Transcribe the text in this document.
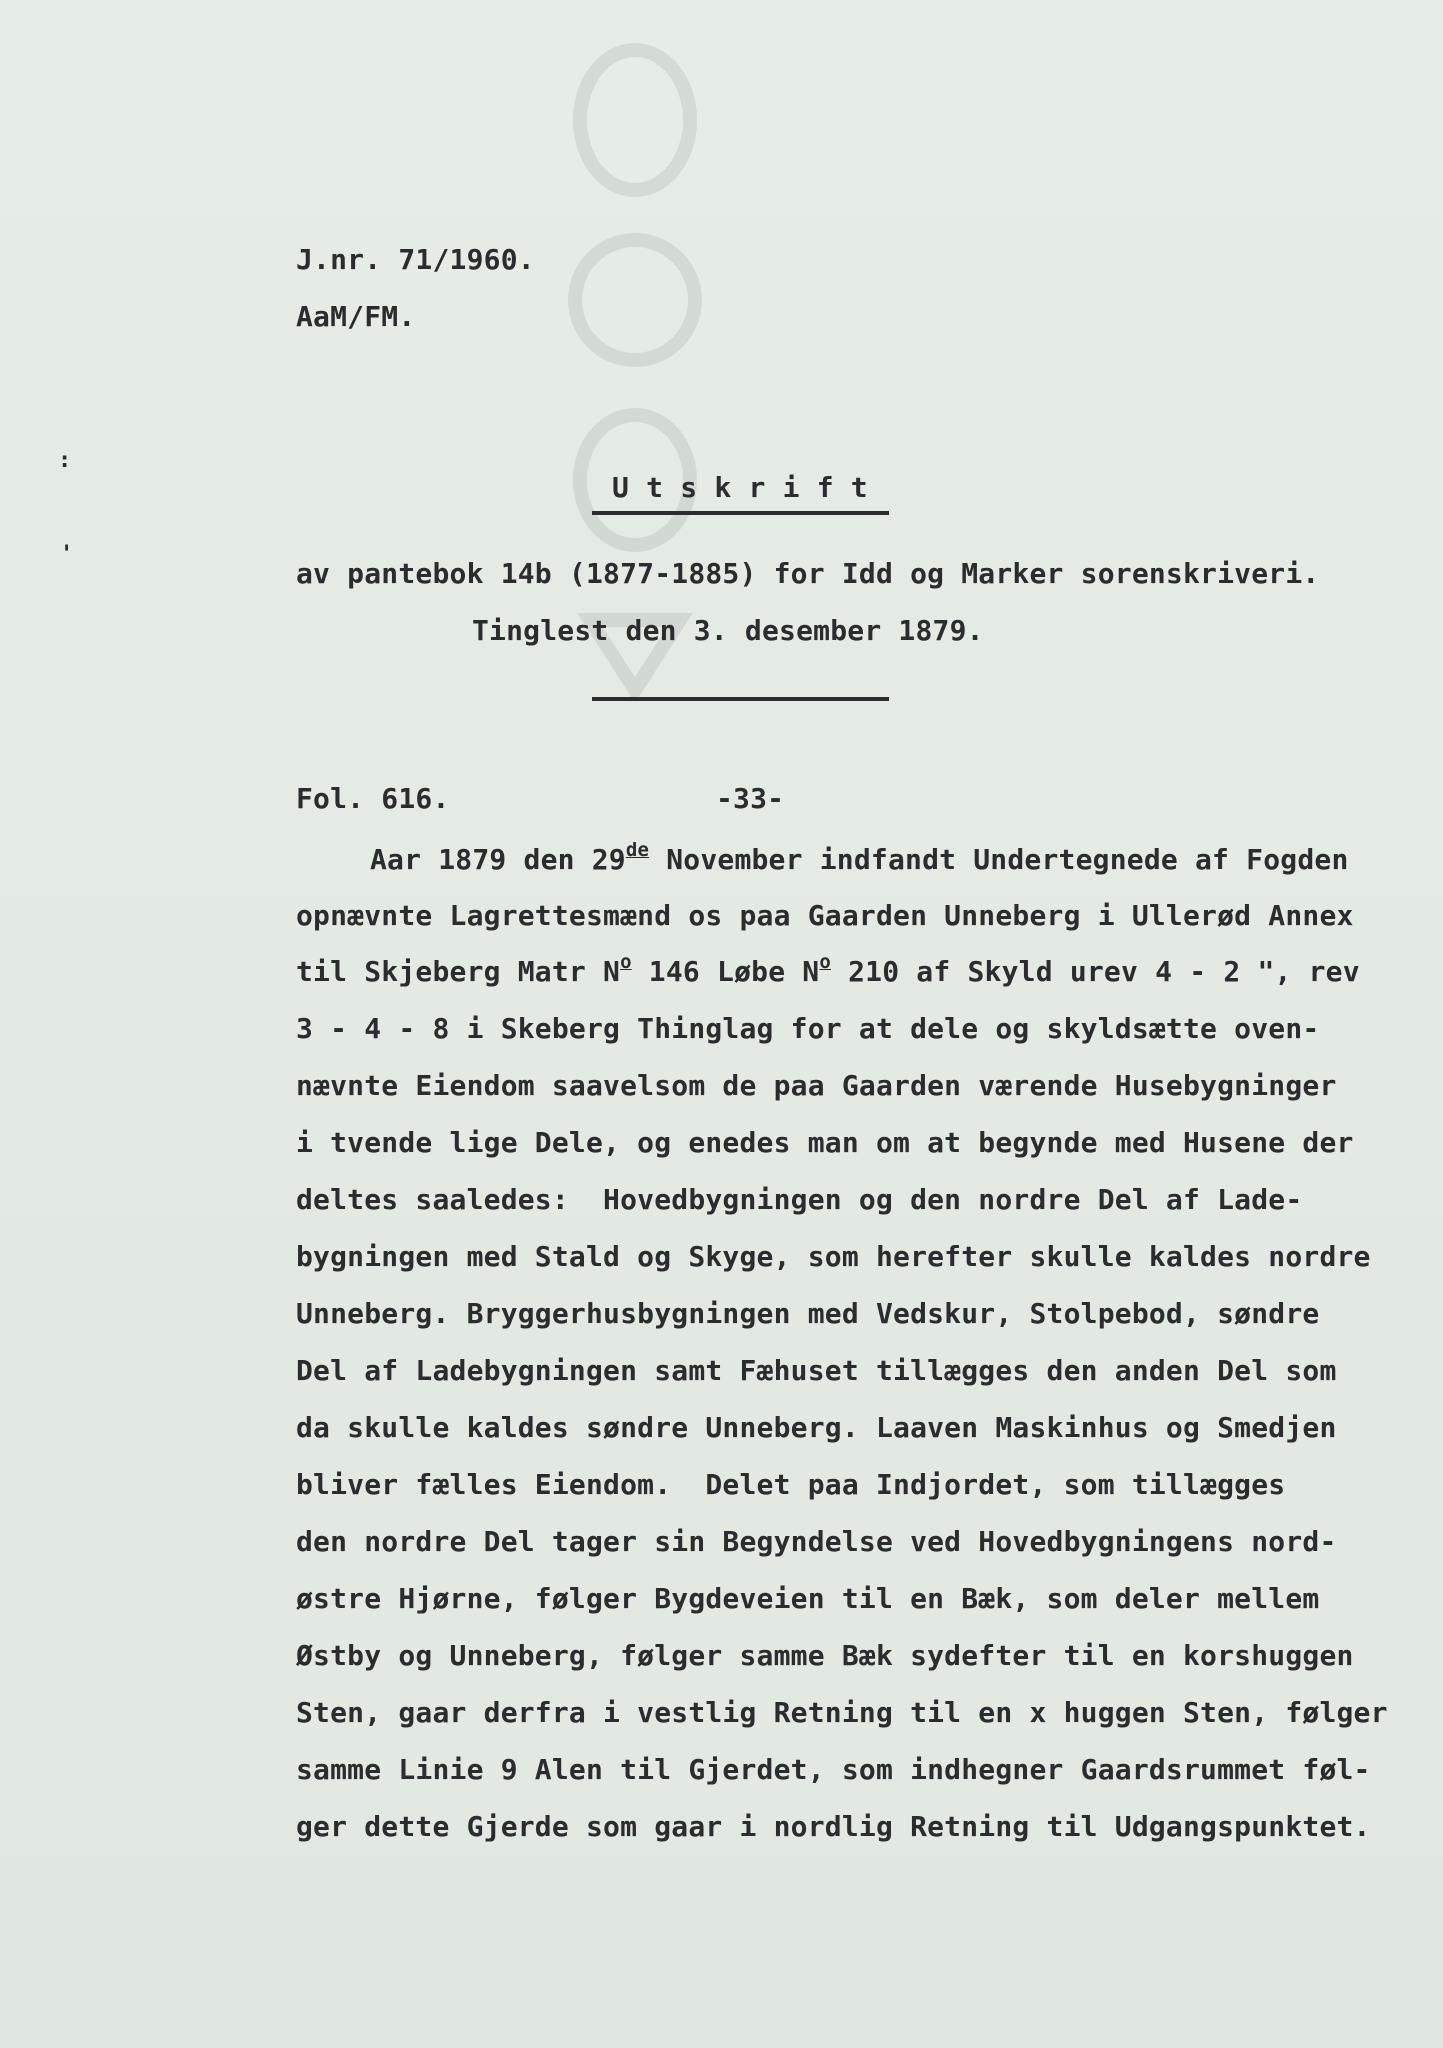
J.nr. 71/1960.
AaM/FM.
:
'
U t s k r i f t
av pantebok 14b (1877-1885) for Idd og Marker sorenskriveri.
Tinglest den 3. desember 1879.
Fol. 616.	-33-
Aar 1879 den 29de November indfandt Undertegnede af Fogden
opnævnte Lagrettesmænd os paa Gaarden Unneberg i Ullerød Annex
til Skjeberg Matr $N^o$ 146 Løbe $N^o$ 210 af Skyld urev 4 - 2 ", rev
3 - 4 - 8 i Skeberg Thinglag for at dele og skyldsætte oven-
nævnte Eiendom saavelsom de paa Gaarden værende Husebygninger
i tvende lige Dele, og enedes man om at begynde med Husene der
deltes saaledes:  Hovedbygningen og den nordre Del af Lade-
bygningen med Stald og Skyge, som herefter skulle kaldes nordre
Unneberg. Bryggerhusbygningen med Vedskur, Stolpebod, søndre
Del af Ladebygningen samt Fæhuset tillægges den anden Del som
da skulle kaldes søndre Unneberg. Laaven Maskinhus og Smedjen
bliver fælles Eiendom.  Delet paa Indjordet, som tillægges
den nordre Del tager sin Begyndelse ved Hovedbygningens nord-
østre Hjørne, følger Bygdeveien til en Bæk, som deler mellem
Østby og Unneberg, følger samme Bæk sydefter til en korshuggen
Sten, gaar derfra i vestlig Retning til en x huggen Sten, følger
samme Linie 9 Alen til Gjerdet, som indhegner Gaardsrummet føl-
ger dette Gjerde som gaar i nordlig Retning til Udgangspunktet.
